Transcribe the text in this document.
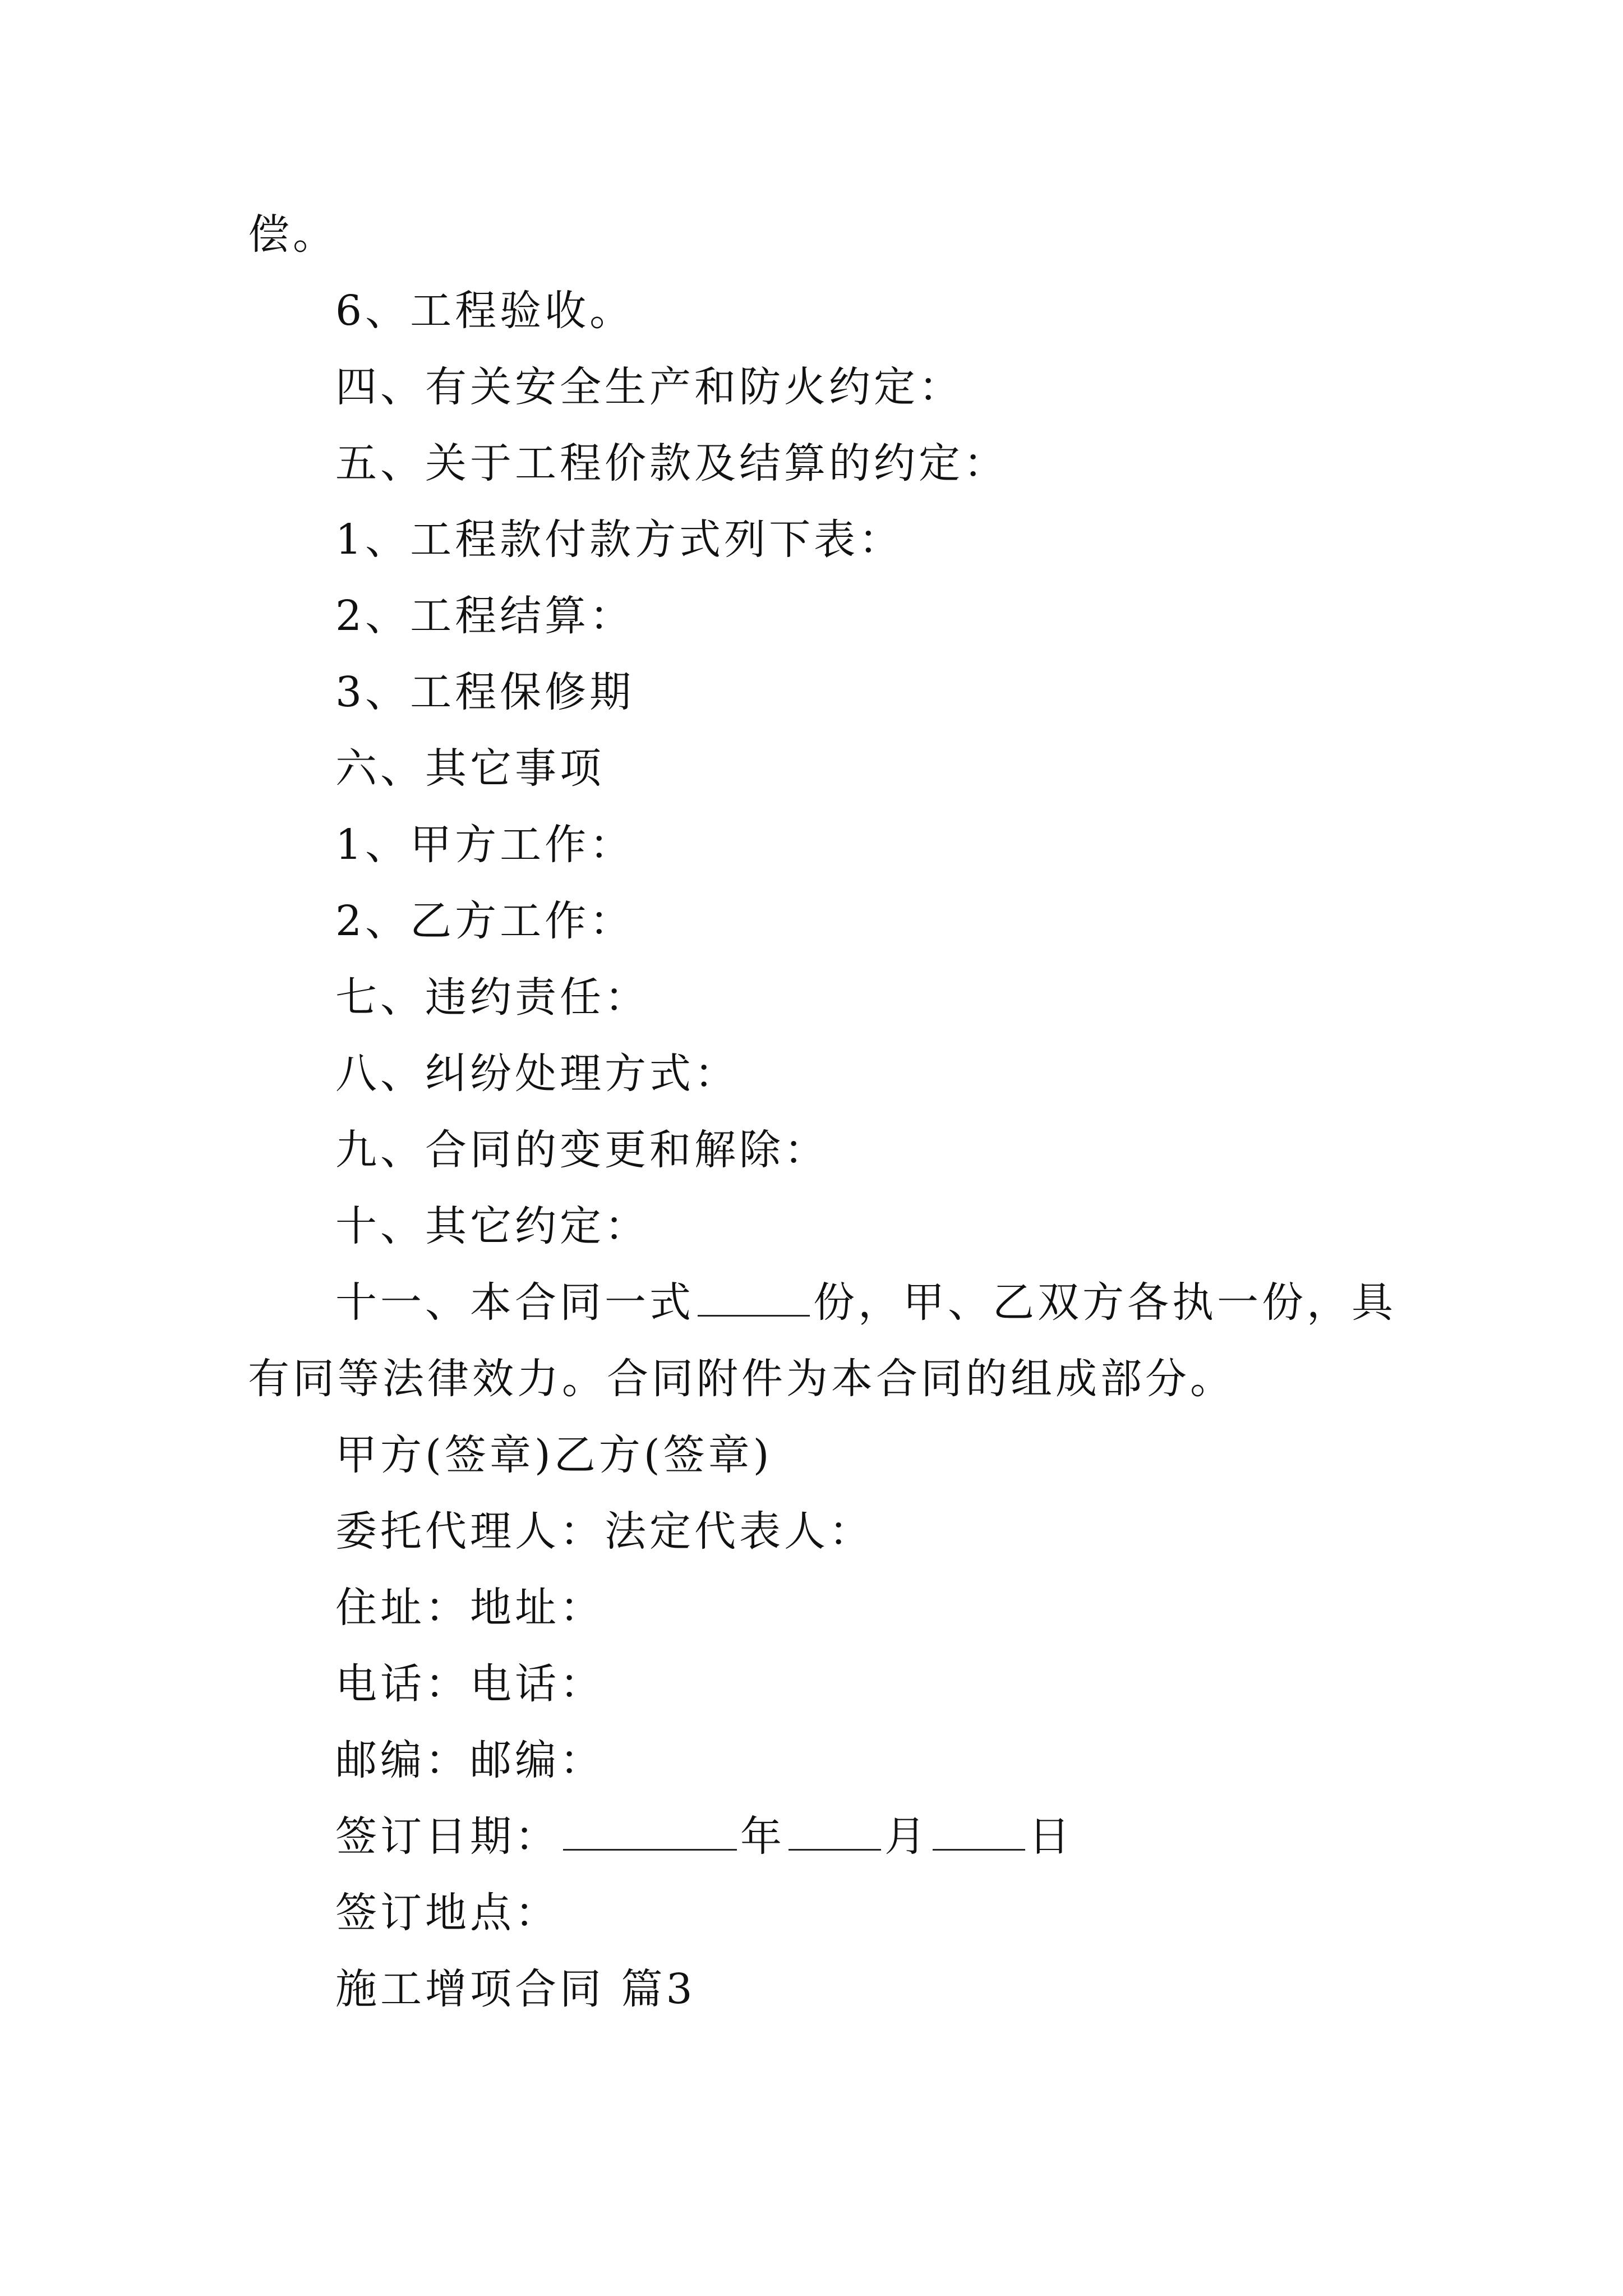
偿。
6、工程验收。
四、有关安全生产和防火约定：
五、关于工程价款及结算的约定：
1、工程款付款方式列下表：
2、工程结算：
3、工程保修期
六、其它事项
1、甲方工作：
2、乙方工作：
七、违约责任：
八、纠纷处理方式：
九、合同的变更和解除：
十、其它约定：
十一、本合同一式	份，甲、乙双方各执一份，具
有同等法律效力。合同附件为本合同的组成部分。
甲方(签章)乙方(签章)
委托代理人：法定代表人：
住址：地址：
电话：电话：
邮编：邮编：
签订日期：	年 月 日
签订地点：
施工增项合同 篇3
